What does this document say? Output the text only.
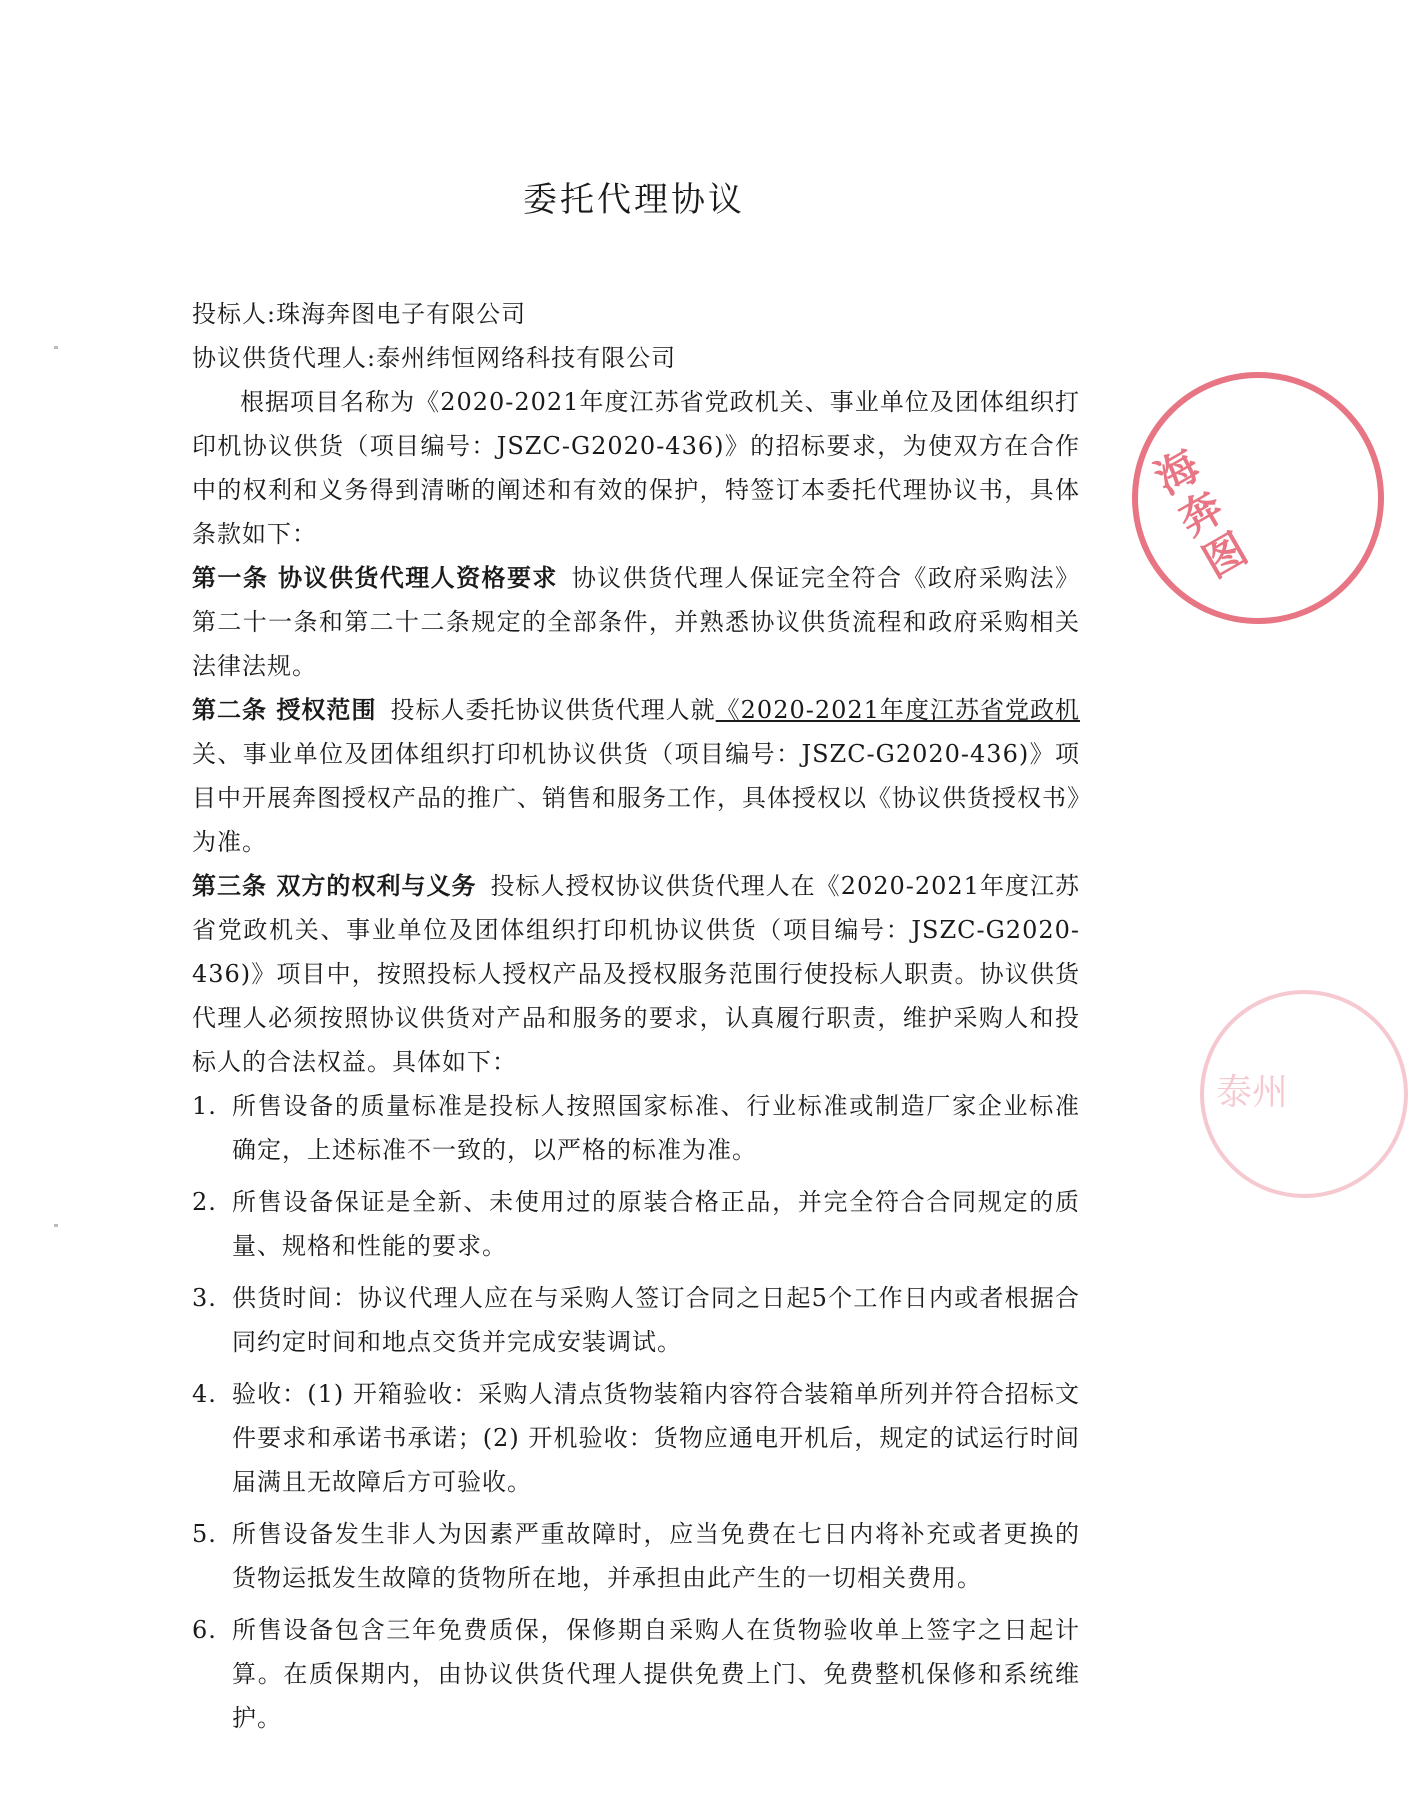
委托代理协议

投标人:珠海奔图电子有限公司

协议供货代理人:泰州纬恒网络科技有限公司

根据项目名称为《2020-2021年度江苏省党政机关、事业单位及团体组织打印机协议供货（项目编号：JSZC-G2020-436)》的招标要求，为使双方在合作中的权利和义务得到清晰的阐述和有效的保护，特签订本委托代理协议书，具体条款如下：

第一条 协议供货代理人资格要求 协议供货代理人保证完全符合《政府采购法》第二十一条和第二十二条规定的全部条件，并熟悉协议供货流程和政府采购相关法律法规。

第二条 授权范围 投标人委托协议供货代理人就《2020-2021年度江苏省党政机关、事业单位及团体组织打印机协议供货（项目编号：JSZC-G2020-436)》项目中开展奔图授权产品的推广、销售和服务工作，具体授权以《协议供货授权书》为准。

第三条 双方的权利与义务 投标人授权协议供货代理人在《2020-2021年度江苏省党政机关、事业单位及团体组织打印机协议供货（项目编号：JSZC-G2020-436)》项目中，按照投标人授权产品及授权服务范围行使投标人职责。协议供货代理人必须按照协议供货对产品和服务的要求，认真履行职责，维护采购人和投标人的合法权益。具体如下：

1. 所售设备的质量标准是投标人按照国家标准、行业标准或制造厂家企业标准确定，上述标准不一致的，以严格的标准为准。
2. 所售设备保证是全新、未使用过的原装合格正品，并完全符合合同规定的质量、规格和性能的要求。
3. 供货时间：协议代理人应在与采购人签订合同之日起5个工作日内或者根据合同约定时间和地点交货并完成安装调试。
4. 验收：(1) 开箱验收：采购人清点货物装箱内容符合装箱单所列并符合招标文件要求和承诺书承诺；(2) 开机验收：货物应通电开机后，规定的试运行时间届满且无故障后方可验收。
5. 所售设备发生非人为因素严重故障时，应当免费在七日内将补充或者更换的货物运抵发生故障的货物所在地，并承担由此产生的一切相关费用。
6. 所售设备包含三年免费质保，保修期自采购人在货物验收单上签字之日起计算。在质保期内，由协议供货代理人提供免费上门、免费整机保修和系统维护。
海奔图
泰州
